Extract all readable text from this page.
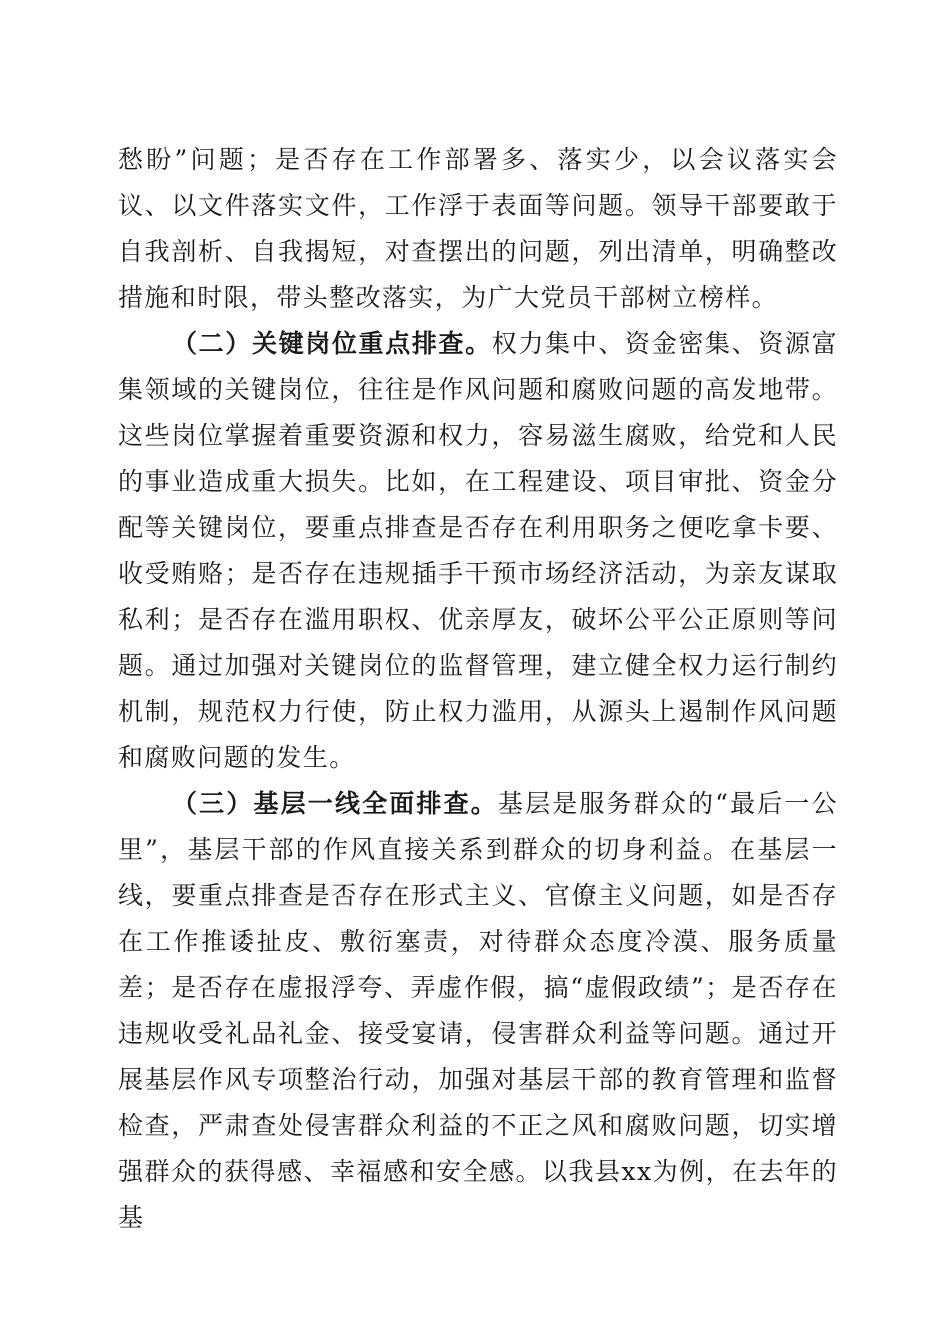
愁盼”问题；是否存在工作部署多、落实少，以会议落实会议、以文件落实文件，工作浮于表面等问题。领导干部要敢于自我剖析、自我揭短，对查摆出的问题，列出清单，明确整改措施和时限，带头整改落实，为广大党员干部树立榜样。

（二）关键岗位重点排查。权力集中、资金密集、资源富集领域的关键岗位，往往是作风问题和腐败问题的高发地带。这些岗位掌握着重要资源和权力，容易滋生腐败，给党和人民的事业造成重大损失。比如，在工程建设、项目审批、资金分配等关键岗位，要重点排查是否存在利用职务之便吃拿卡要、收受贿赂；是否存在违规插手干预市场经济活动，为亲友谋取私利；是否存在滥用职权、优亲厚友，破坏公平公正原则等问题。通过加强对关键岗位的监督管理，建立健全权力运行制约机制，规范权力行使，防止权力滥用，从源头上遏制作风问题和腐败问题的发生。

（三）基层一线全面排查。基层是服务群众的“最后一公里”，基层干部的作风直接关系到群众的切身利益。在基层一线，要重点排查是否存在形式主义、官僚主义问题，如是否存在工作推诿扯皮、敷衍塞责，对待群众态度冷漠、服务质量差；是否存在虚报浮夸、弄虚作假，搞“虚假政绩”；是否存在违规收受礼品礼金、接受宴请，侵害群众利益等问题。通过开展基层作风专项整治行动，加强对基层干部的教育管理和监督检查，严肃查处侵害群众利益的不正之风和腐败问题，切实增强群众的获得感、幸福感和安全感。以我县xx为例，在去年的基
